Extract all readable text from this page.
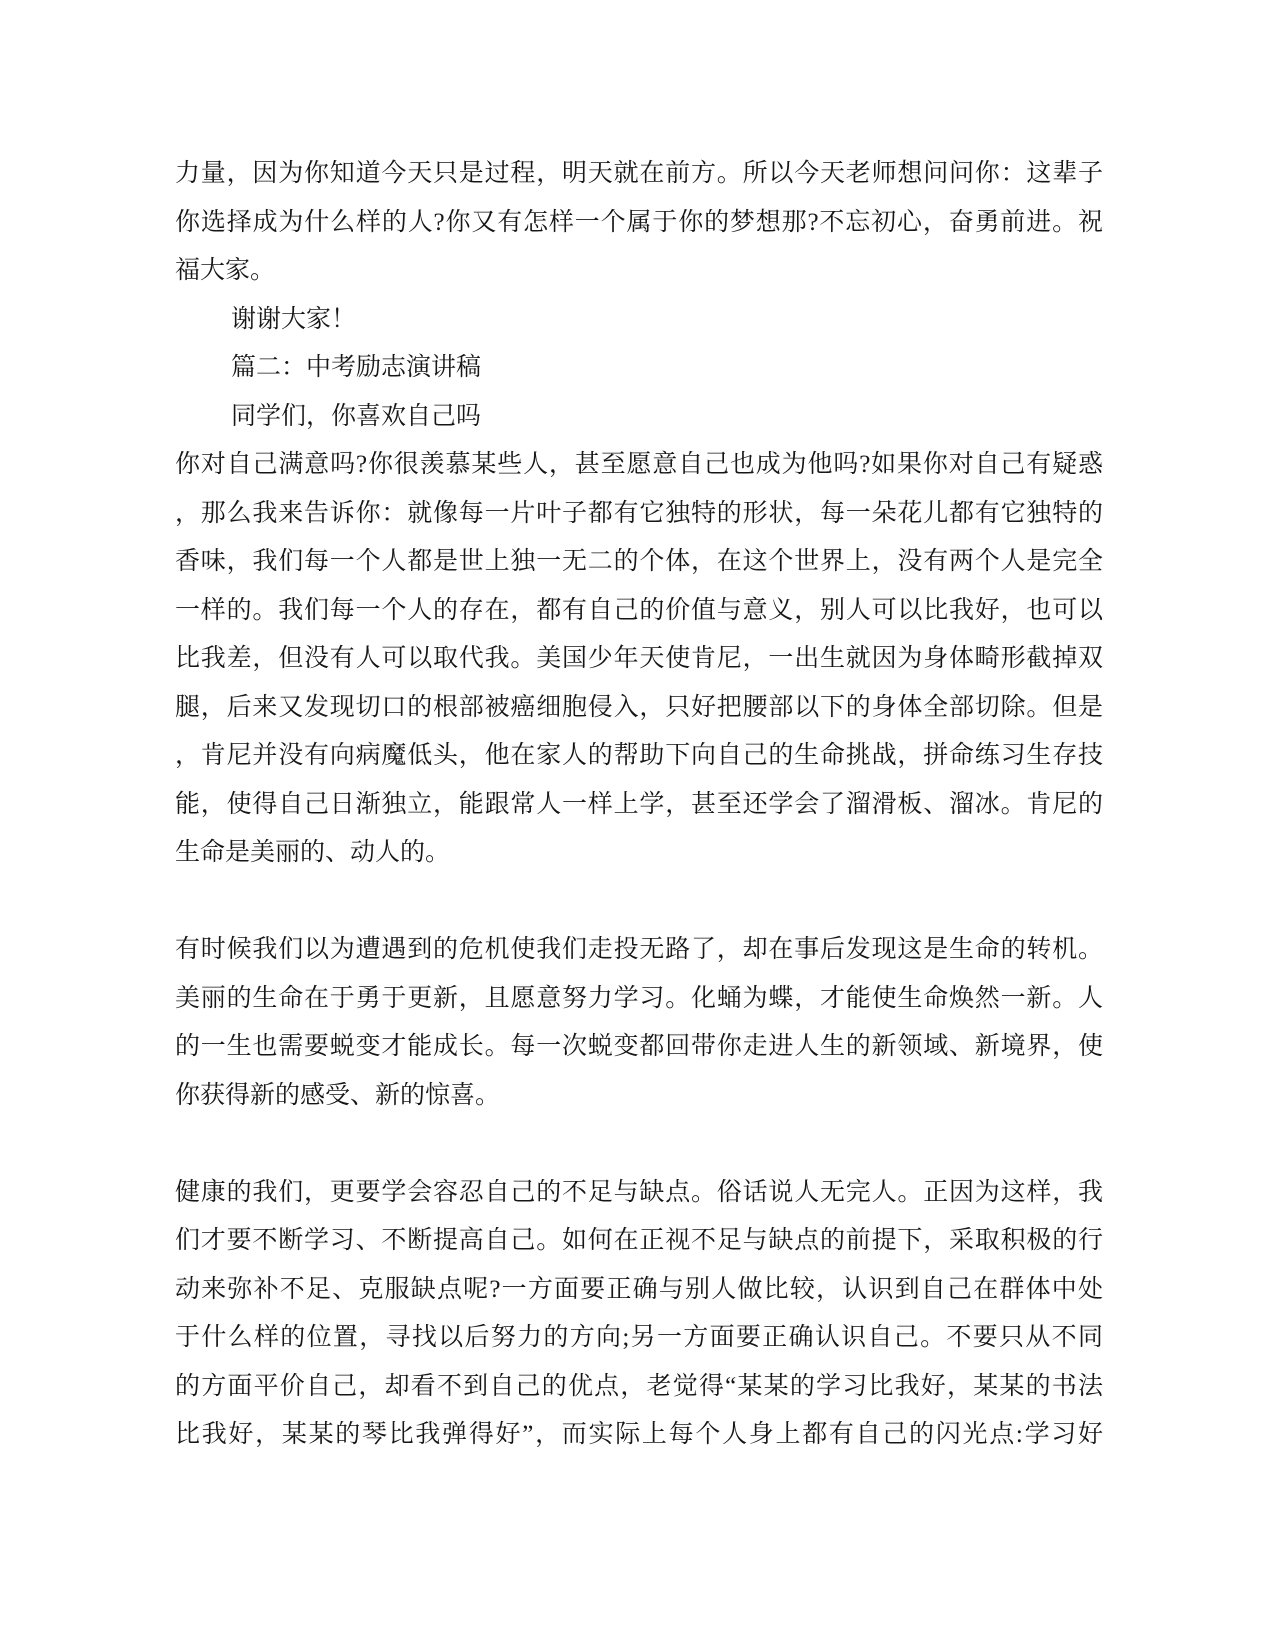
力量，因为你知道今天只是过程，明天就在前方。所以今天老师想问问你：这辈子
你选择成为什么样的人?你又有怎样一个属于你的梦想那?不忘初心，奋勇前进。祝
福大家。
谢谢大家！
篇二：中考励志演讲稿
同学们，你喜欢自己吗
你对自己满意吗?你很羡慕某些人，甚至愿意自己也成为他吗?如果你对自己有疑惑
，那么我来告诉你：就像每一片叶子都有它独特的形状，每一朵花儿都有它独特的
香味，我们每一个人都是世上独一无二的个体，在这个世界上，没有两个人是完全
一样的。我们每一个人的存在，都有自己的价值与意义，别人可以比我好，也可以
比我差，但没有人可以取代我。美国少年天使肯尼，一出生就因为身体畸形截掉双
腿，后来又发现切口的根部被癌细胞侵入，只好把腰部以下的身体全部切除。但是
，肯尼并没有向病魔低头，他在家人的帮助下向自己的生命挑战，拼命练习生存技
能，使得自己日渐独立，能跟常人一样上学，甚至还学会了溜滑板、溜冰。肯尼的
生命是美丽的、动人的。
有时候我们以为遭遇到的危机使我们走投无路了，却在事后发现这是生命的转机。
美丽的生命在于勇于更新，且愿意努力学习。化蛹为蝶，才能使生命焕然一新。人
的一生也需要蜕变才能成长。每一次蜕变都回带你走进人生的新领域、新境界，使
你获得新的感受、新的惊喜。
健康的我们，更要学会容忍自己的不足与缺点。俗话说人无完人。正因为这样，我
们才要不断学习、不断提高自己。如何在正视不足与缺点的前提下，采取积极的行
动来弥补不足、克服缺点呢?一方面要正确与别人做比较，认识到自己在群体中处
于什么样的位置，寻找以后努力的方向;另一方面要正确认识自己。不要只从不同
的方面平价自己，却看不到自己的优点，老觉得“某某的学习比我好，某某的书法
比我好，某某的琴比我弹得好”，而实际上每个人身上都有自己的闪光点:学习好
